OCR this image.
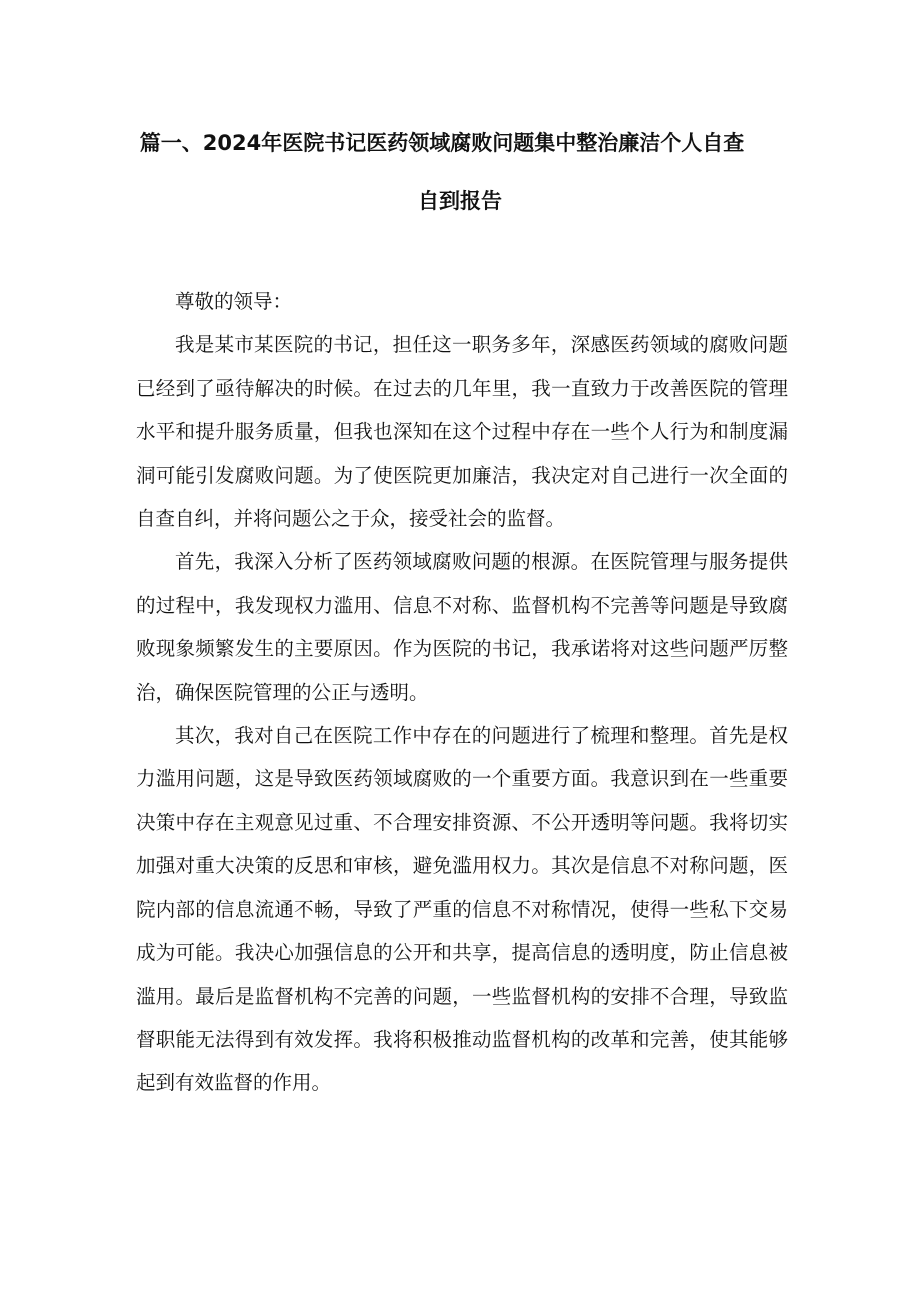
篇一、2024年医院书记医药领域腐败问题集中整治廉洁个人自查
自到报告

尊敬的领导：

我是某市某医院的书记，担任这一职务多年，深感医药领域的腐败问题已经到了亟待解决的时候。在过去的几年里，我一直致力于改善医院的管理水平和提升服务质量，但我也深知在这个过程中存在一些个人行为和制度漏洞可能引发腐败问题。为了使医院更加廉洁，我决定对自己进行一次全面的自查自纠，并将问题公之于众，接受社会的监督。

首先，我深入分析了医药领域腐败问题的根源。在医院管理与服务提供的过程中，我发现权力滥用、信息不对称、监督机构不完善等问题是导致腐败现象频繁发生的主要原因。作为医院的书记，我承诺将对这些问题严厉整治，确保医院管理的公正与透明。

其次，我对自己在医院工作中存在的问题进行了梳理和整理。首先是权力滥用问题，这是导致医药领域腐败的一个重要方面。我意识到在一些重要决策中存在主观意见过重、不合理安排资源、不公开透明等问题。我将切实加强对重大决策的反思和审核，避免滥用权力。其次是信息不对称问题，医院内部的信息流通不畅，导致了严重的信息不对称情况，使得一些私下交易成为可能。我决心加强信息的公开和共享，提高信息的透明度，防止信息被滥用。最后是监督机构不完善的问题，一些监督机构的安排不合理，导致监督职能无法得到有效发挥。我将积极推动监督机构的改革和完善，使其能够起到有效监督的作用。
